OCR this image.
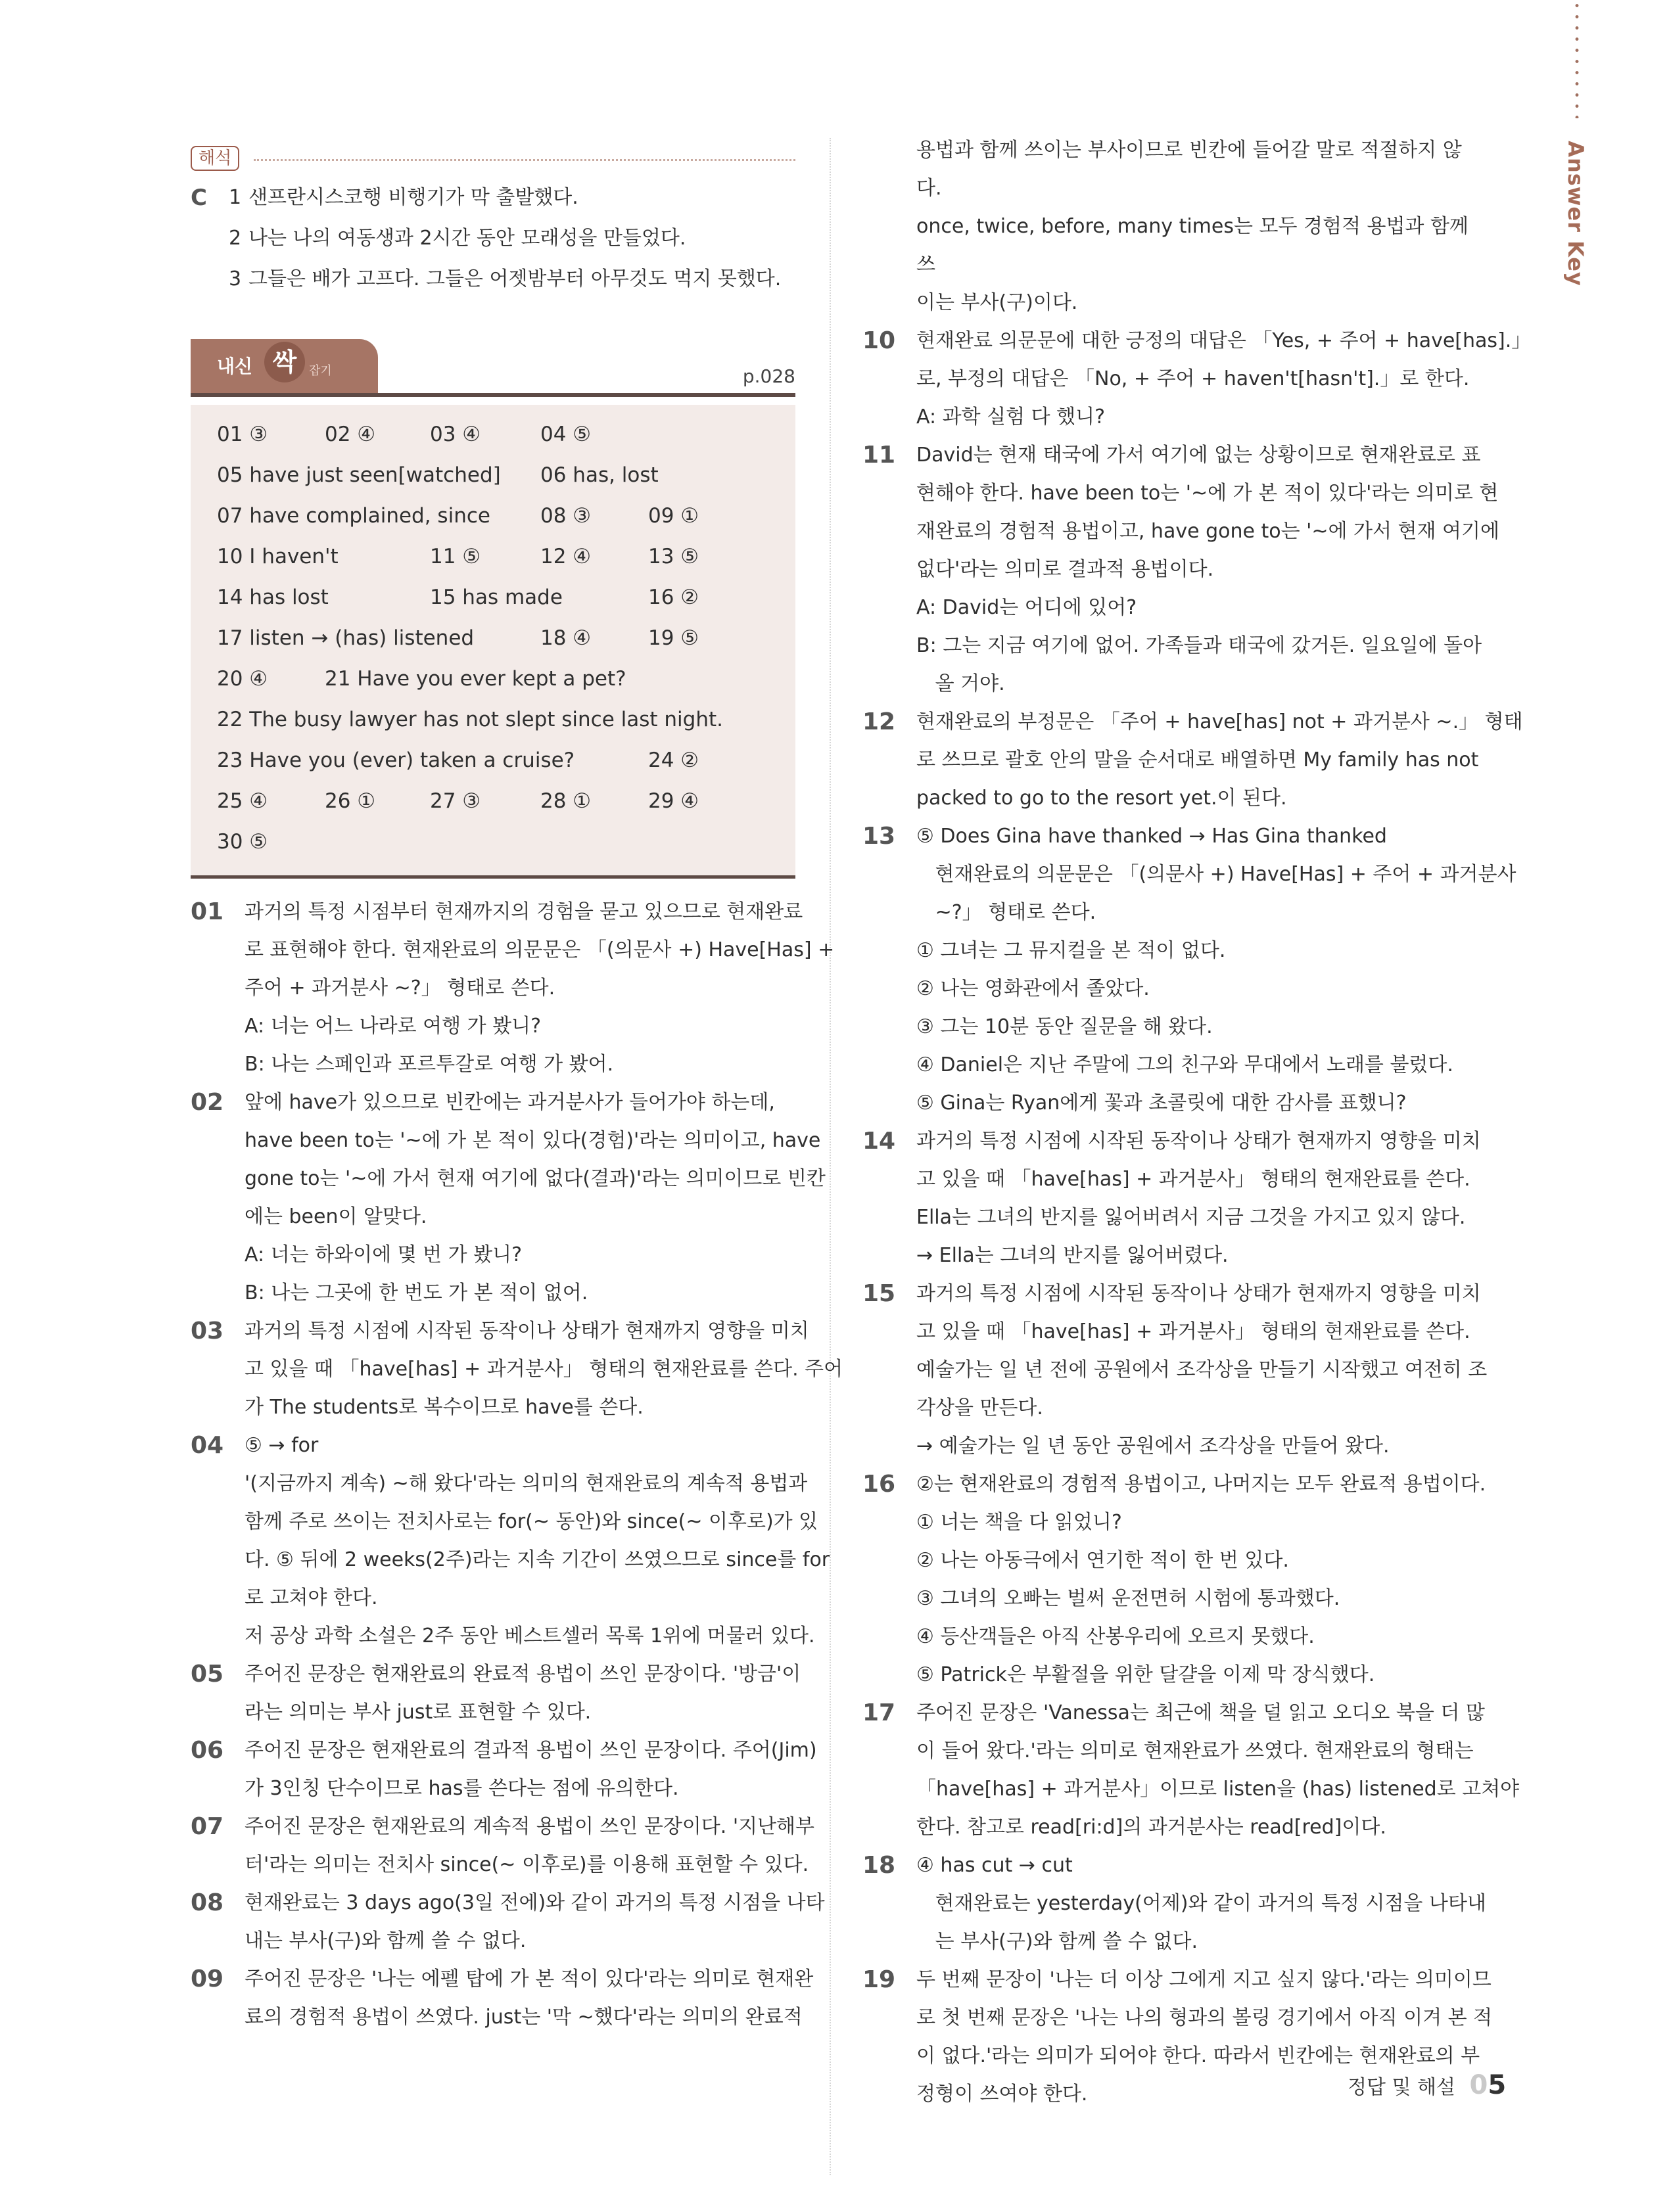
Answer Key
해석
C	1 샌프란시스코행 비행기가 막 출발했다.
2 나는 나의 여동생과 2시간 동안 모래성을 만들었다.
3 그들은 배가 고프다. 그들은 어젯밤부터 아무것도 먹지 못했다.
내신 싹	잡기	p.028
01 ③	02 ④	03 ④	04 ⑤
05 have just seen[watched] 06 has, lost
07 have complained, since 08 ③	09 ①
10 I haven't	11 ⑤	12 ④	13 ⑤
14 has lost	15 has made	16 ②
17 listen → (has) listened	18 ④	19 ⑤
20 ④	21 Have you ever kept a pet?
22 The busy lawyer has not slept since last night.
23 Have you (ever) taken a cruise?	24 ②
25 ④	26 ①	27 ③	28 ①	29 ④
30 ⑤
01	과거의 특정 시점부터 현재까지의 경험을 묻고 있으므로 현재완료

로 표현해야 한다. 현재완료의 의문문은 「(의문사 +) Have[Has] +

주어 + 과거분사 ~?」 형태로 쓴다.

A: 너는 어느 나라로 여행 가 봤니?

B: 나는 스페인과 포르투갈로 여행 가 봤어.

02	앞에 have가 있으므로 빈칸에는 과거분사가 들어가야 하는데,

have been to는 '~에 가 본 적이 있다(경험)'라는 의미이고, have

gone to는 '~에 가서 현재 여기에 없다(결과)'라는 의미이므로 빈칸

에는 been이 알맞다.

A: 너는 하와이에 몇 번 가 봤니?

B: 나는 그곳에 한 번도 가 본 적이 없어.

03	과거의 특정 시점에 시작된 동작이나 상태가 현재까지 영향을 미치

고 있을 때 「have[has] + 과거분사」 형태의 현재완료를 쓴다. 주어

가 The students로 복수이므로 have를 쓴다.

04	⑤ → for

'(지금까지 계속) ~해 왔다'라는 의미의 현재완료의 계속적 용법과

함께 주로 쓰이는 전치사로는 for(~ 동안)와 since(~ 이후로)가 있

다. ⑤ 뒤에 2 weeks(2주)라는 지속 기간이 쓰였으므로 since를 for

로 고쳐야 한다.

저 공상 과학 소설은 2주 동안 베스트셀러 목록 1위에 머물러 있다.

05	주어진 문장은 현재완료의 완료적 용법이 쓰인 문장이다. '방금'이

라는 의미는 부사 just로 표현할 수 있다.

06	주어진 문장은 현재완료의 결과적 용법이 쓰인 문장이다. 주어(Jim)

가 3인칭 단수이므로 has를 쓴다는 점에 유의한다.

07	주어진 문장은 현재완료의 계속적 용법이 쓰인 문장이다. '지난해부

터'라는 의미는 전치사 since(~ 이후로)를 이용해 표현할 수 있다.

08	현재완료는 3 days ago(3일 전에)와 같이 과거의 특정 시점을 나타

내는 부사(구)와 함께 쓸 수 없다.

09	주어진 문장은 '나는 에펠 탑에 가 본 적이 있다'라는 의미로 현재완

료의 경험적 용법이 쓰였다. just는 '막 ~했다'라는 의미의 완료적

용법과 함께 쓰이는 부사이므로 빈칸에 들어갈 말로 적절하지 않다.

once, twice, before, many times는 모두 경험적 용법과 함께 쓰

이는 부사(구)이다.

10	현재완료 의문문에 대한 긍정의 대답은 「Yes, + 주어 + have[has].」

로, 부정의 대답은 「No, + 주어 + haven't[hasn't].」로 한다.

A: 과학 실험 다 했니?

11	David는 현재 태국에 가서 여기에 없는 상황이므로 현재완료로 표

현해야 한다. have been to는 '~에 가 본 적이 있다'라는 의미로 현

재완료의 경험적 용법이고, have gone to는 '~에 가서 현재 여기에

없다'라는 의미로 결과적 용법이다.

A: David는 어디에 있어?

B: 그는 지금 여기에 없어. 가족들과 태국에 갔거든. 일요일에 돌아

올 거야.

12	현재완료의 부정문은 「주어 + have[has] not + 과거분사 ~.」 형태

로 쓰므로 괄호 안의 말을 순서대로 배열하면 My family has not

packed to go to the resort yet.이 된다.

13	⑤ Does Gina have thanked → Has Gina thanked

현재완료의 의문문은 「(의문사 +) Have[Has] + 주어 + 과거분사

~?」 형태로 쓴다.

① 그녀는 그 뮤지컬을 본 적이 없다.

② 나는 영화관에서 졸았다.

③ 그는 10분 동안 질문을 해 왔다.

④ Daniel은 지난 주말에 그의 친구와 무대에서 노래를 불렀다.

⑤ Gina는 Ryan에게 꽃과 초콜릿에 대한 감사를 표했니?

14	과거의 특정 시점에 시작된 동작이나 상태가 현재까지 영향을 미치

고 있을 때 「have[has] + 과거분사」 형태의 현재완료를 쓴다.

Ella는 그녀의 반지를 잃어버려서 지금 그것을 가지고 있지 않다.

→ Ella는 그녀의 반지를 잃어버렸다.

15	과거의 특정 시점에 시작된 동작이나 상태가 현재까지 영향을 미치

고 있을 때 「have[has] + 과거분사」 형태의 현재완료를 쓴다.

예술가는 일 년 전에 공원에서 조각상을 만들기 시작했고 여전히 조

각상을 만든다.

→ 예술가는 일 년 동안 공원에서 조각상을 만들어 왔다.

16	②는 현재완료의 경험적 용법이고, 나머지는 모두 완료적 용법이다.

① 너는 책을 다 읽었니?

② 나는 아동극에서 연기한 적이 한 번 있다.

③ 그녀의 오빠는 벌써 운전면허 시험에 통과했다.

④ 등산객들은 아직 산봉우리에 오르지 못했다.

⑤ Patrick은 부활절을 위한 달걀을 이제 막 장식했다.

17	주어진 문장은 'Vanessa는 최근에 책을 덜 읽고 오디오 북을 더 많

이 들어 왔다.'라는 의미로 현재완료가 쓰였다. 현재완료의 형태는

「have[has] + 과거분사」이므로 listen을 (has) listened로 고쳐야

한다. 참고로 read[ri:d]의 과거분사는 read[red]이다.

18	④ has cut → cut

현재완료는 yesterday(어제)와 같이 과거의 특정 시점을 나타내

는 부사(구)와 함께 쓸 수 없다.

19	두 번째 문장이 '나는 더 이상 그에게 지고 싶지 않다.'라는 의미이므

로 첫 번째 문장은 '나는 나의 형과의 볼링 경기에서 아직 이겨 본 적

이 없다.'라는 의미가 되어야 한다. 따라서 빈칸에는 현재완료의 부

정형이 쓰여야 한다.	정답 및 해설 05
